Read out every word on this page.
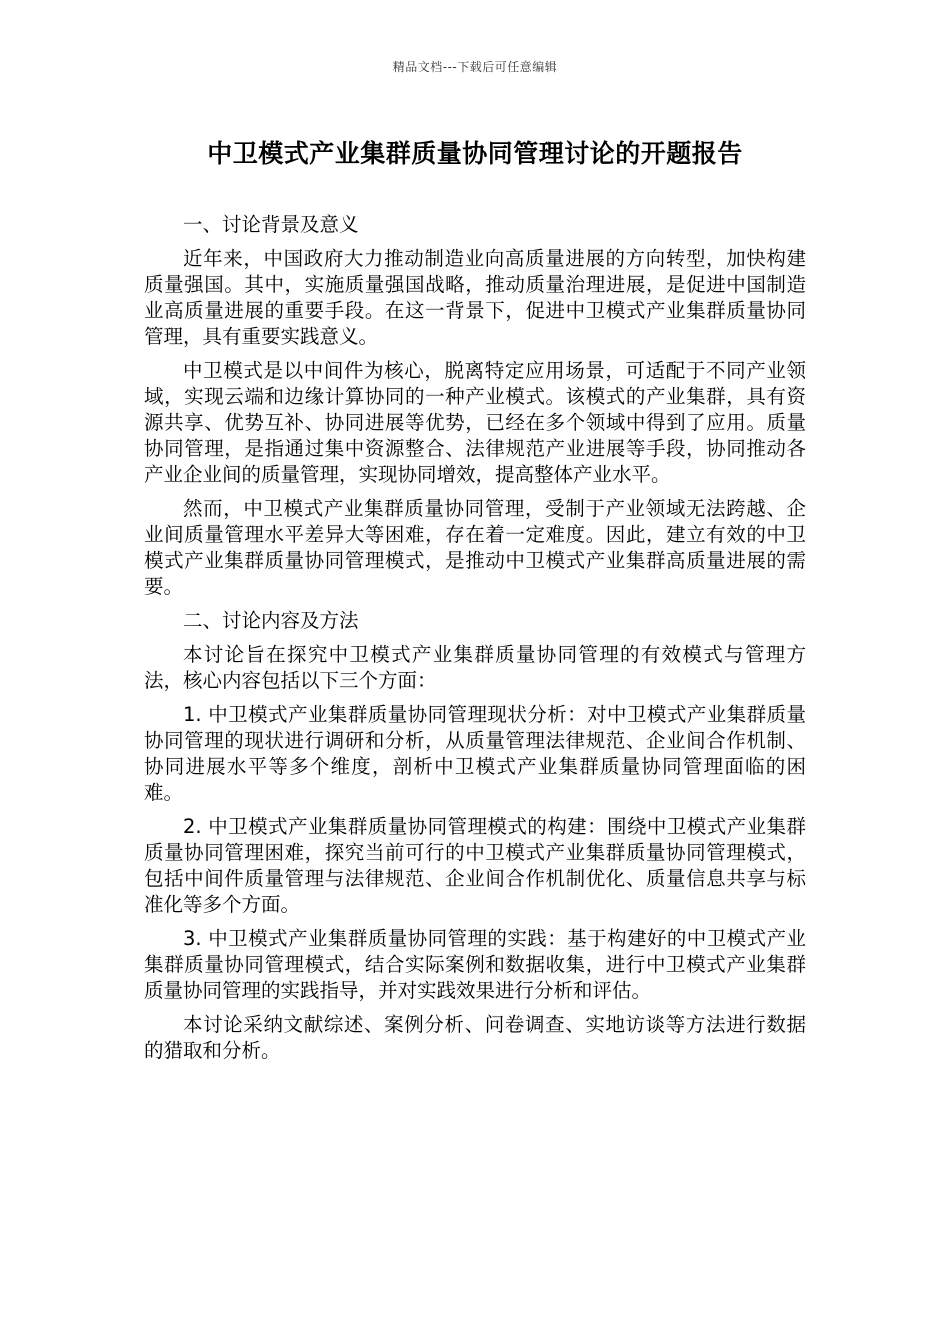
精品文档---下载后可任意编辑
中卫模式产业集群质量协同管理讨论的开题报告

一、讨论背景及意义

近年来，中国政府大力推动制造业向高质量进展的方向转型，加快构建质量强国。其中，实施质量强国战略，推动质量治理进展，是促进中国制造业高质量进展的重要手段。在这一背景下，促进中卫模式产业集群质量协同管理，具有重要实践意义。

中卫模式是以中间件为核心，脱离特定应用场景，可适配于不同产业领域，实现云端和边缘计算协同的一种产业模式。该模式的产业集群，具有资源共享、优势互补、协同进展等优势，已经在多个领域中得到了应用。质量协同管理，是指通过集中资源整合、法律规范产业进展等手段，协同推动各产业企业间的质量管理，实现协同增效，提高整体产业水平。

然而，中卫模式产业集群质量协同管理，受制于产业领域无法跨越、企业间质量管理水平差异大等困难，存在着一定难度。因此，建立有效的中卫模式产业集群质量协同管理模式，是推动中卫模式产业集群高质量进展的需要。

二、讨论内容及方法

本讨论旨在探究中卫模式产业集群质量协同管理的有效模式与管理方法，核心内容包括以下三个方面：

1. 中卫模式产业集群质量协同管理现状分析：对中卫模式产业集群质量协同管理的现状进行调研和分析，从质量管理法律规范、企业间合作机制、协同进展水平等多个维度，剖析中卫模式产业集群质量协同管理面临的困难。

2. 中卫模式产业集群质量协同管理模式的构建：围绕中卫模式产业集群质量协同管理困难，探究当前可行的中卫模式产业集群质量协同管理模式，包括中间件质量管理与法律规范、企业间合作机制优化、质量信息共享与标准化等多个方面。

3. 中卫模式产业集群质量协同管理的实践：基于构建好的中卫模式产业集群质量协同管理模式，结合实际案例和数据收集，进行中卫模式产业集群质量协同管理的实践指导，并对实践效果进行分析和评估。

本讨论采纳文献综述、案例分析、问卷调查、实地访谈等方法进行数据的猎取和分析。
